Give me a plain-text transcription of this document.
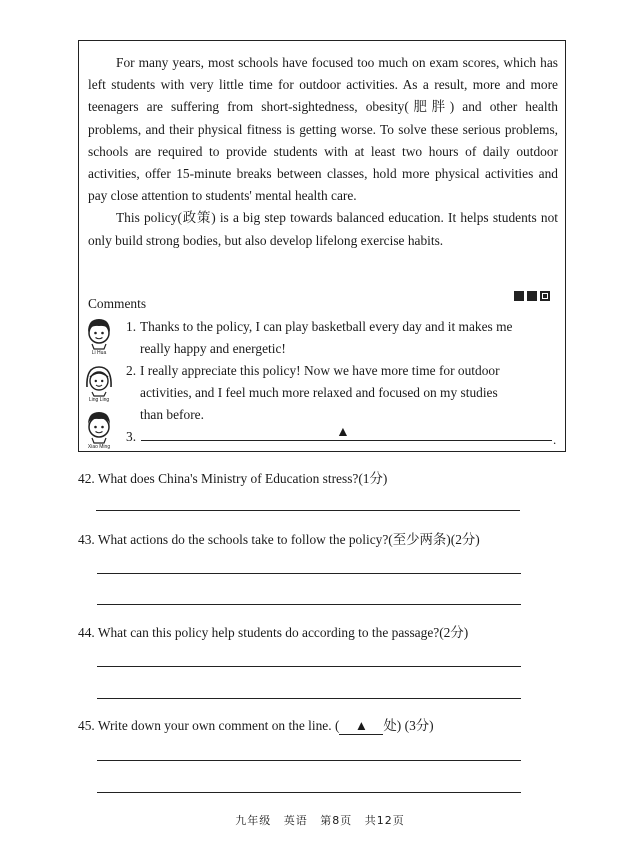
For many years, most schools have focused too much on exam scores, which has left students with very little time for outdoor activities. As a result, more and more teenagers are suffering from short-sightedness, obesity(肥胖) and other health problems, and their physical fitness is getting worse. To solve these serious problems, schools are required to provide students with at least two hours of daily outdoor activities, offer 15-minute breaks between classes, hold more physical activities and pay close attention to students' mental health care.

This policy(政策) is a big step towards balanced education. It helps students not only build strong bodies, but also develop lifelong exercise habits.

Comments
Li Hua
Ling Ling
Xiao Ming
1. Thanks to the policy, I can play basketball every day and it makes me
really happy and energetic!
2. I really appreciate this policy! Now we have more time for outdoor
activities, and I feel much more relaxed and focused on my studies
than before.
3.	▲	.
42. What does China's Ministry of Education stress?(1分)
43. What actions do the schools take to follow the policy?(至少两条)(2分)
44. What can this policy help students do according to the passage?(2分)
45. Write down your own comment on the line. ( ▲ 处) (3分)
九年级 英语 第8页 共12页
